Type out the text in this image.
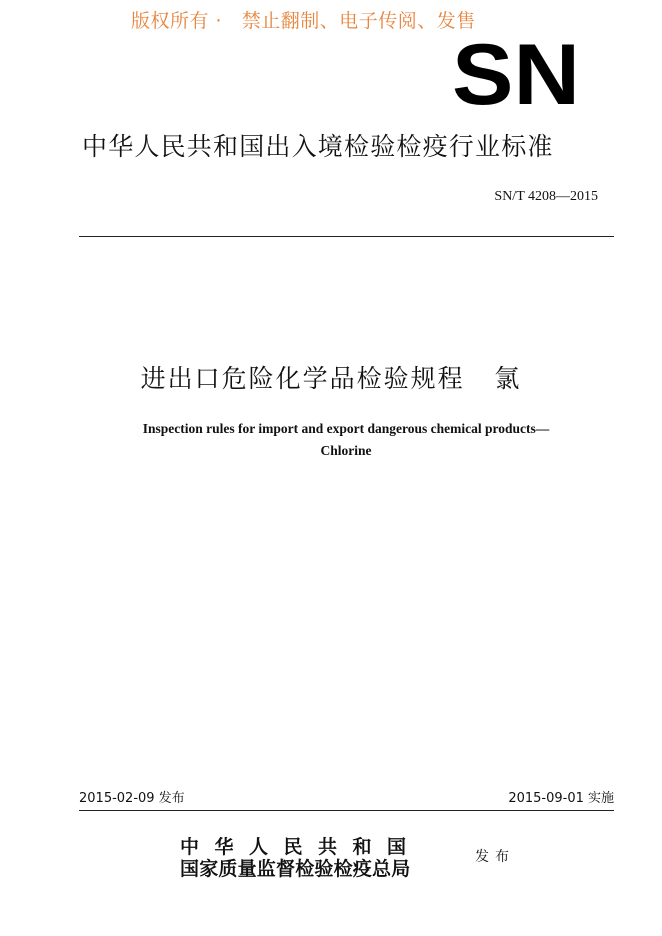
版权所有 ·   禁止翻制、电子传阅、发售
SN
中华人民共和国出入境检验检疫行业标准
SN/T 4208—2015
进出口危险化学品检验规程   氯
Inspection rules for import and export dangerous chemical products—
Chlorine
2015-02-09 发布	2015-09-01 实施
中华人民共和国
国家质量监督检验检疫总局
发布
